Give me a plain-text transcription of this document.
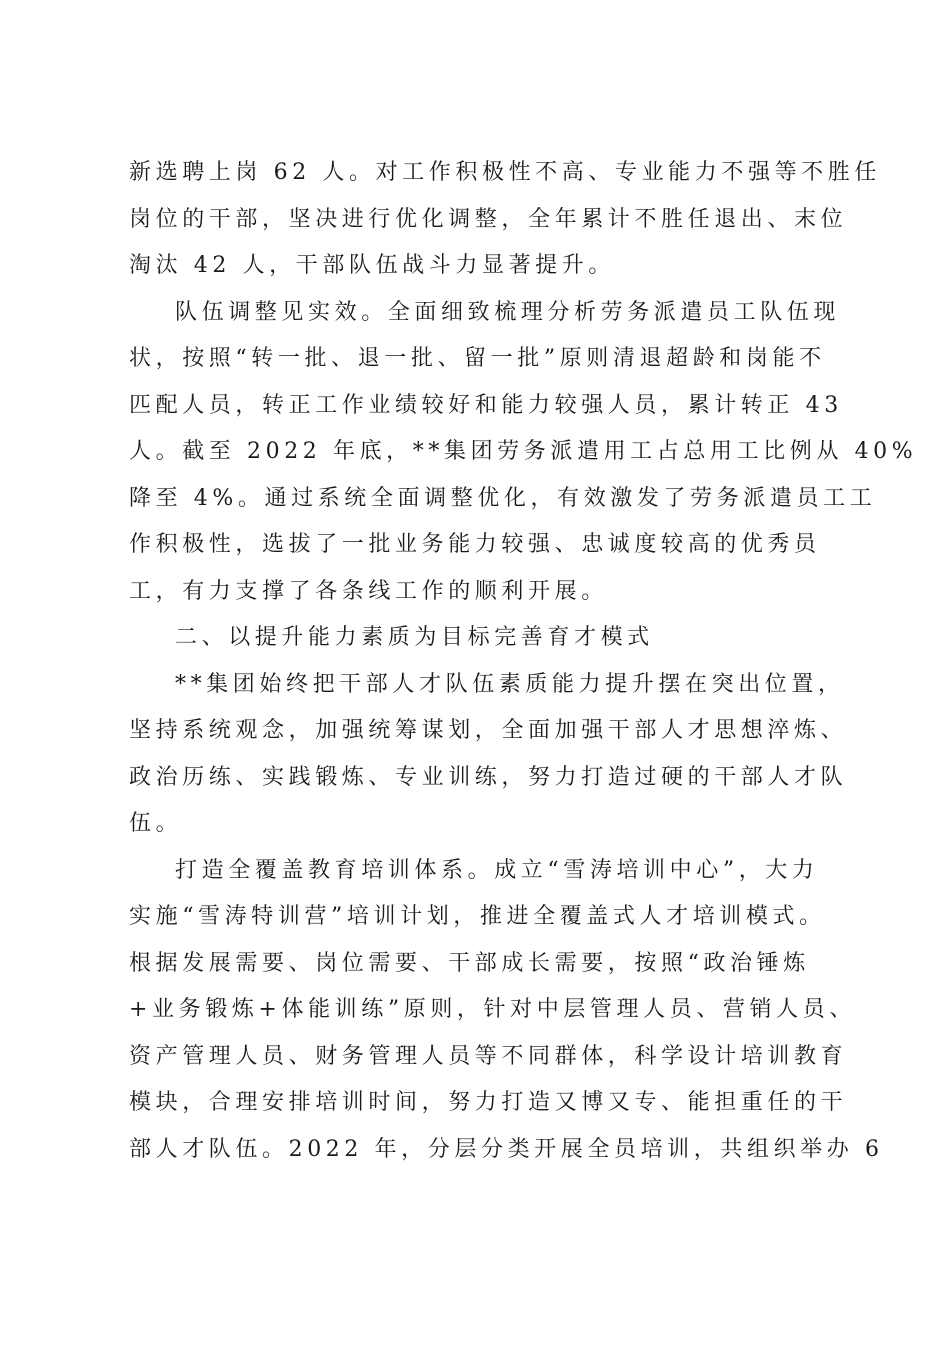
新选聘上岗 62 人。对工作积极性不高、专业能力不强等不胜任
岗位的干部，坚决进行优化调整，全年累计不胜任退出、末位
淘汰 42 人，干部队伍战斗力显著提升。
队伍调整见实效。全面细致梳理分析劳务派遣员工队伍现
状，按照“转一批、退一批、留一批”原则清退超龄和岗能不
匹配人员，转正工作业绩较好和能力较强人员，累计转正 43
人。截至 2022 年底，**集团劳务派遣用工占总用工比例从 40%
降至 4%。通过系统全面调整优化，有效激发了劳务派遣员工工
作积极性，选拔了一批业务能力较强、忠诚度较高的优秀员
工，有力支撑了各条线工作的顺利开展。
二、以提升能力素质为目标完善育才模式
**集团始终把干部人才队伍素质能力提升摆在突出位置，
坚持系统观念，加强统筹谋划，全面加强干部人才思想淬炼、
政治历练、实践锻炼、专业训练，努力打造过硬的干部人才队
伍。
打造全覆盖教育培训体系。成立“雪涛培训中心”，大力
实施“雪涛特训营”培训计划，推进全覆盖式人才培训模式。
根据发展需要、岗位需要、干部成长需要，按照“政治锤炼
+业务锻炼+体能训练”原则，针对中层管理人员、营销人员、
资产管理人员、财务管理人员等不同群体，科学设计培训教育
模块，合理安排培训时间，努力打造又博又专、能担重任的干
部人才队伍。2022 年，分层分类开展全员培训，共组织举办 6
